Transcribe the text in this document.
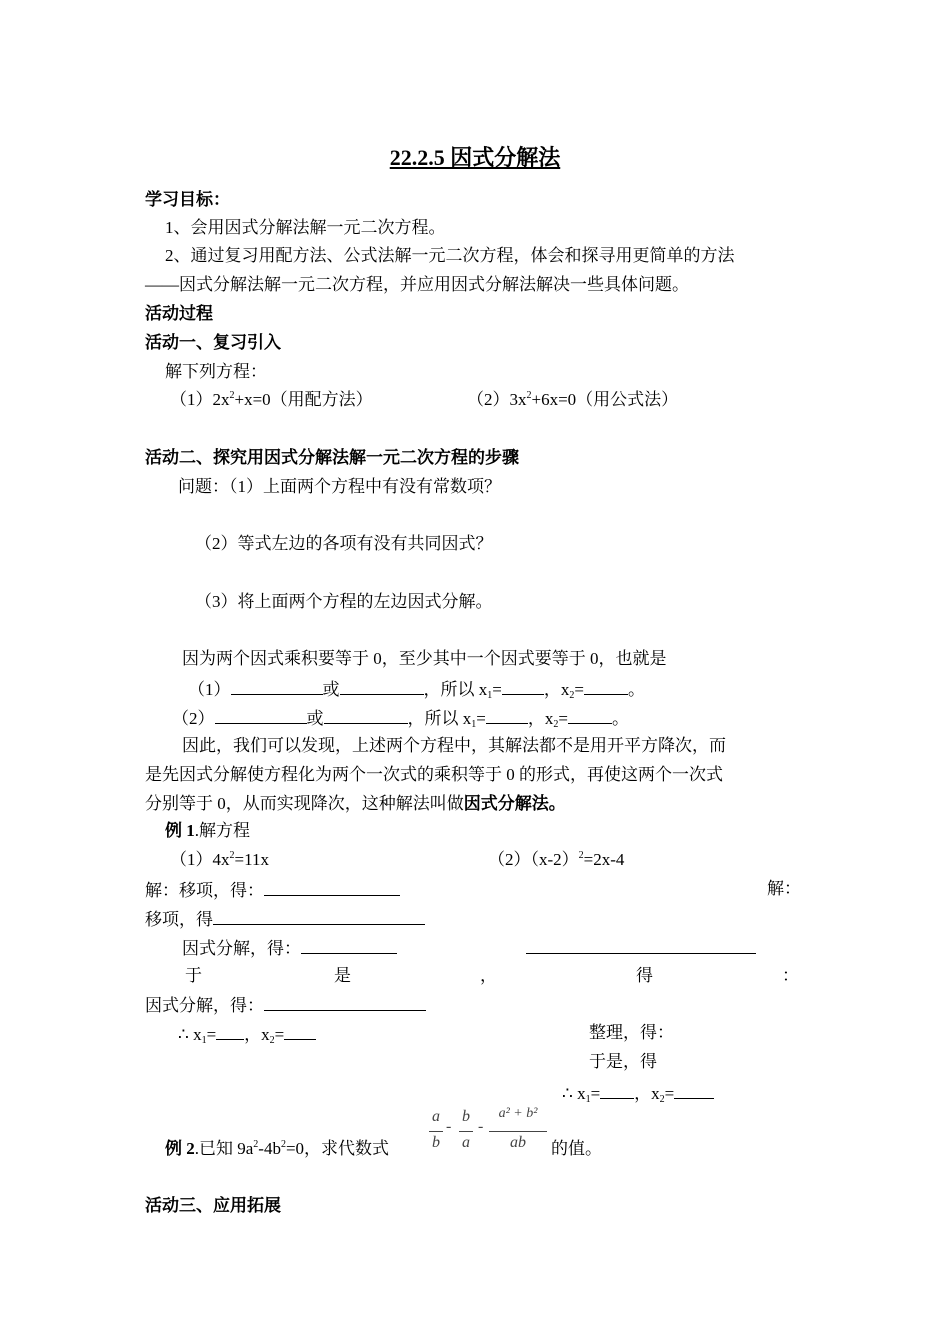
22.2.5 因式分解法
学习目标：
1、会用因式分解法解一元二次方程。
2、通过复习用配方法、公式法解一元二次方程，体会和探寻用更简单的方法
——因式分解法解一元二次方程，并应用因式分解法解决一些具体问题。
活动过程
活动一、复习引入
解下列方程：
$(1)2x^2+x=0$（用配方法）	$(2)3x^2+6x=0$（用公式法）
活动二、探究用因式分解法解一元二次方程的步骤
问题：（1）上面两个方程中有没有常数项？
（2）等式左边的各项有没有共同因式？
（3）将上面两个方程的左边因式分解。
因为两个因式乘积要等于 0，至少其中一个因式要等于 0，也就是
（1）	或	，所以 $x_1=$ ，$x_2=$	。
（2）	或	，所以 $x_1=$ ，$x_2=$	。
因此，我们可以发现，上述两个方程中，其解法都不是用开平方降次，而
是先因式分解使方程化为两个一次式的乘积等于 0 的形式，再使这两个一次式
分别等于 0，从而实现降次，这种解法叫做因式分解法。
例 1.解方程
$(1)4x^2=11x$	$(2)(x-2)^2=2x-4$
解：移项，得：	解：
移项，得
因式分解，得：
于	是	，	得	：
因式分解，得：
∴ $x_1=$ ，$x_2=$	整理，得：
于是，得
∴ $x_1=$ ，$x_2=$
例 2.已知 $9a^2-4b^2=0$，求代数式
a
b
-
b
a
-
a² + b²
ab	的值。
活动三、应用拓展
